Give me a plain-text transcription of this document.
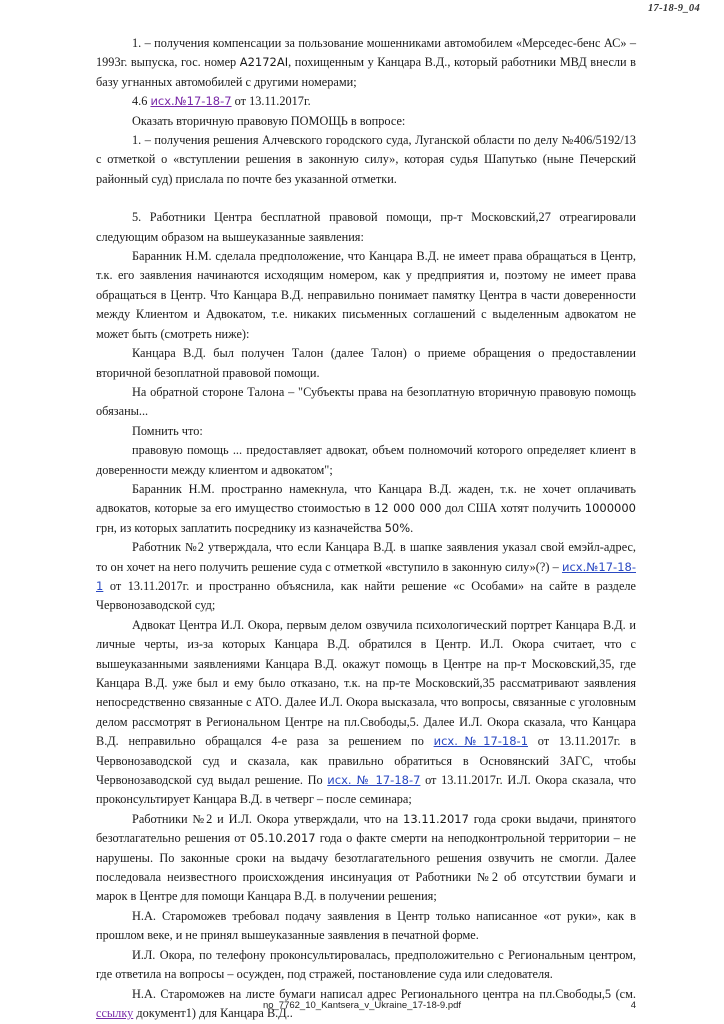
17-18-9_04

1. – получения компенсации за пользование мошенниками автомобилем «Мерседес-бенс АС» – 1993г. выпуска, гос. номер А2172АI, похищенным у Канцара В.Д., который работники МВД внесли в базу угнанных автомобилей с другими номерами;

4.6 исх.№17-18-7 от 13.11.2017г.

Оказать вторичную правовую ПОМОЩЬ в вопросе:

1. – получения решения Алчевского городского суда, Луганской области по делу №406/5192/13 с отметкой о «вступлении решения в законную силу», которая судья Шапутько (ныне Печерский районный суд) прислала по почте без указанной отметки.

5. Работники Центра бесплатной правовой помощи, пр-т Московский,27 отреагировали следующим образом на вышеуказанные заявления:

Баранник Н.М. сделала предположение, что Канцара В.Д. не имеет права обращаться в Центр, т.к. его заявления начинаются исходящим номером, как у предприятия и, поэтому не имеет права обращаться в Центр. Что Канцара В.Д. неправильно понимает памятку Центра в части доверенности между Клиентом и Адвокатом, т.е. никаких письменных соглашений с выделенным адвокатом не может быть (смотреть ниже):

Канцара В.Д. был получен Талон (далее Талон) о приеме обращения о предоставлении вторичной безоплатной правовой помощи.

На обратной стороне Талона – "Субъекты права на безоплатную вторичную правовую помощь обязаны...

Помнить что:

правовую помощь ... предоставляет адвокат, объем полномочий которого определяет клиент в доверенности между клиентом и адвокатом";

Баранник Н.М. пространно намекнула, что Канцара В.Д. жаден, т.к. не хочет оплачивать адвокатов, которые за его имущество стоимостью в 12 000 000 дол США хотят получить 1000000 грн, из которых заплатить посреднику из казначейства 50%.

Работник №2 утверждала, что если Канцара В.Д. в шапке заявления указал свой емэйл-адрес, то он хочет на него получить решение суда с отметкой «вступило в законную силу»(?) – исх.№17-18-1 от 13.11.2017г. и пространно объяснила, как найти решение «с Особами» на сайте в разделе Червонозаводской суд;

Адвокат Центра И.Л. Окора, первым делом озвучила психологический портрет Канцара В.Д. и личные черты, из-за которых Канцара В.Д. обратился в Центр. И.Л. Окора считает, что с вышеуказанными заявлениями Канцара В.Д. окажут помощь в Центре на пр-т Московский,35, где Канцара В.Д. уже был и ему было отказано, т.к. на пр-те Московский,35 рассматривают заявления непосредственно связанные с АТО. Далее И.Л. Окора высказала, что вопросы, связанные с уголовным делом рассмотрят в Региональном Центре на пл.Свободы,5. Далее И.Л. Окора сказала, что Канцара В.Д. неправильно обращался 4-е раза за решением по исх.№17-18-1 от 13.11.2017г. в Червонозаводской суд и сказала, как правильно обратиться в Основянский ЗАГС, чтобы Червонозаводской суд выдал решение. По исх. № 17-18-7 от 13.11.2017г. И.Л. Окора сказала, что проконсультирует Канцара В.Д. в четверг – после семинара;

Работники №2 и И.Л. Окора утверждали, что на 13.11.2017 года сроки выдачи, принятого безотлагательно решения от 05.10.2017 года о факте смерти на неподконтрольной территории – не нарушены. По законные сроки на выдачу безотлагательного решения озвучить не смогли. Далее последовала неизвестного происхождения инсинуация от Работники №2 об отсутствии бумаги и марок в Центре для помощи Канцара В.Д. в получении решения;

Н.А. Староможев требовал подачу заявления в Центр только написанное «от руки», как в прошлом веке, и не принял вышеуказанные заявления в печатной форме.

И.Л. Окора, по телефону проконсультировалась, предположительно с Региональным центром, где ответила на вопросы – осужден, под стражей, постановление суда или следователя.

Н.А. Староможев на листе бумаги написал адрес Регионального центра на пл.Свободы,5 (см. ссылку документ1) для Канцара В.Д..

no_7762_10_Kantsera_v_Ukraine_17-18-9.pdf	4
